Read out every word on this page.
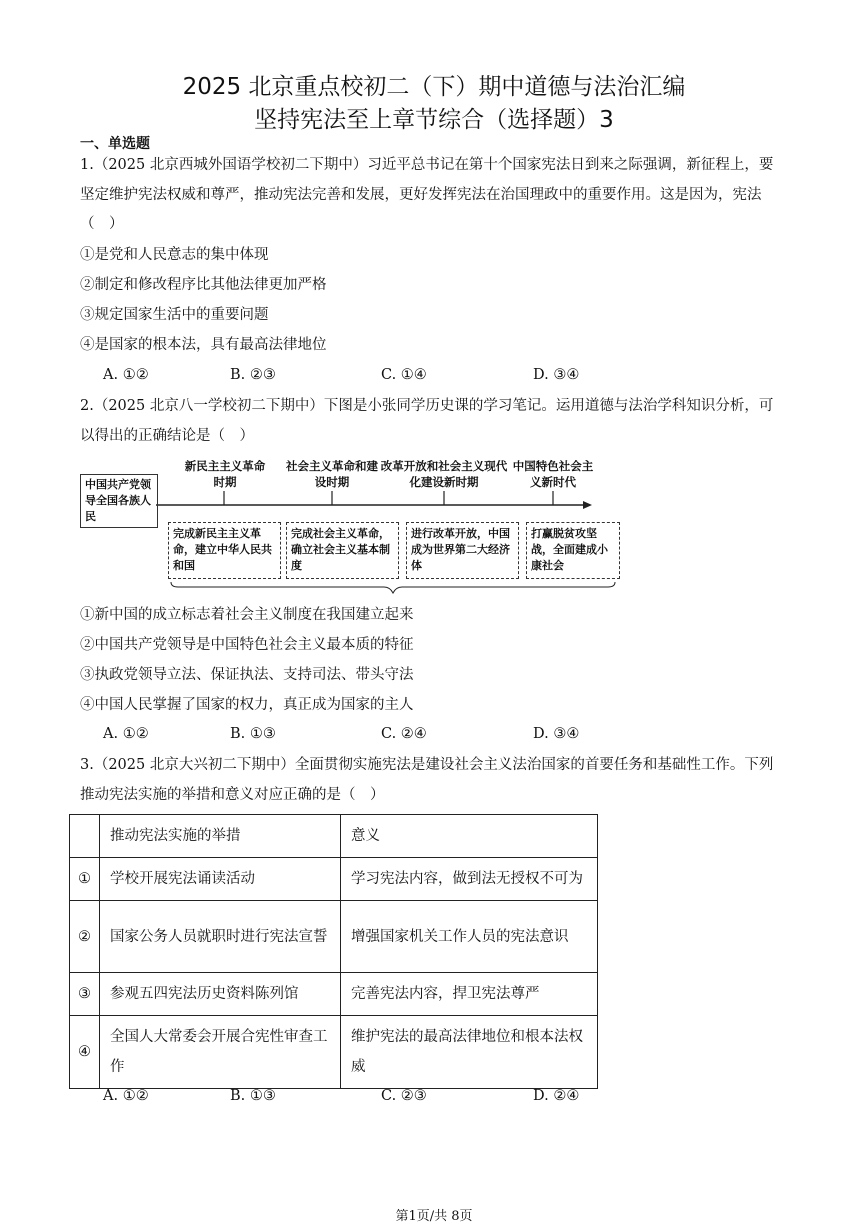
2025 北京重点校初二（下）期中道德与法治汇编
坚持宪法至上章节综合（选择题）3
一、单选题
1.（2025 北京西城外国语学校初二下期中）习近平总书记在第十个国家宪法日到来之际强调，新征程上，要
坚定维护宪法权威和尊严，推动宪法完善和发展，更好发挥宪法在治国理政中的重要作用。这是因为，宪法
（　）
①是党和人民意志的集中体现
②制定和修改程序比其他法律更加严格
③规定国家生活中的重要问题
④是国家的根本法，具有最高法律地位
A. ①②	B. ②③	C. ①④	D. ③④
2.（2025 北京八一学校初二下期中）下图是小张同学历史课的学习笔记。运用道德与法治学科知识分析，可
以得出的正确结论是（　）
中国共产党领导全国各族人民
新民主主义革命时期
社会主义革命和建设时期
改革开放和社会主义现代化建设新时期
中国特色社会主义新时代
完成新民主主义革命，建立中华人民共和国
完成社会主义革命，确立社会主义基本制度
进行改革开放，中国成为世界第二大经济体
打赢脱贫攻坚战，全面建成小康社会
①新中国的成立标志着社会主义制度在我国建立起来
②中国共产党领导是中国特色社会主义最本质的特征
③执政党领导立法、保证执法、支持司法、带头守法
④中国人民掌握了国家的权力，真正成为国家的主人
A. ①②	B. ①③	C. ②④	D. ③④
3.（2025 北京大兴初二下期中）全面贯彻实施宪法是建设社会主义法治国家的首要任务和基础性工作。下列
推动宪法实施的举措和意义对应正确的是（　）
	推动宪法实施的举措	意义
①	学校开展宪法诵读活动	学习宪法内容，做到法无授权不可为
②	国家公务人员就职时进行宪法宣誓	增强国家机关工作人员的宪法意识
③	参观五四宪法历史资料陈列馆	完善宪法内容，捍卫宪法尊严
④	全国人大常委会开展合宪性审查工作	维护宪法的最高法律地位和根本法权威
A. ①②	B. ①③	C. ②③	D. ②④
第1页/共 8页
